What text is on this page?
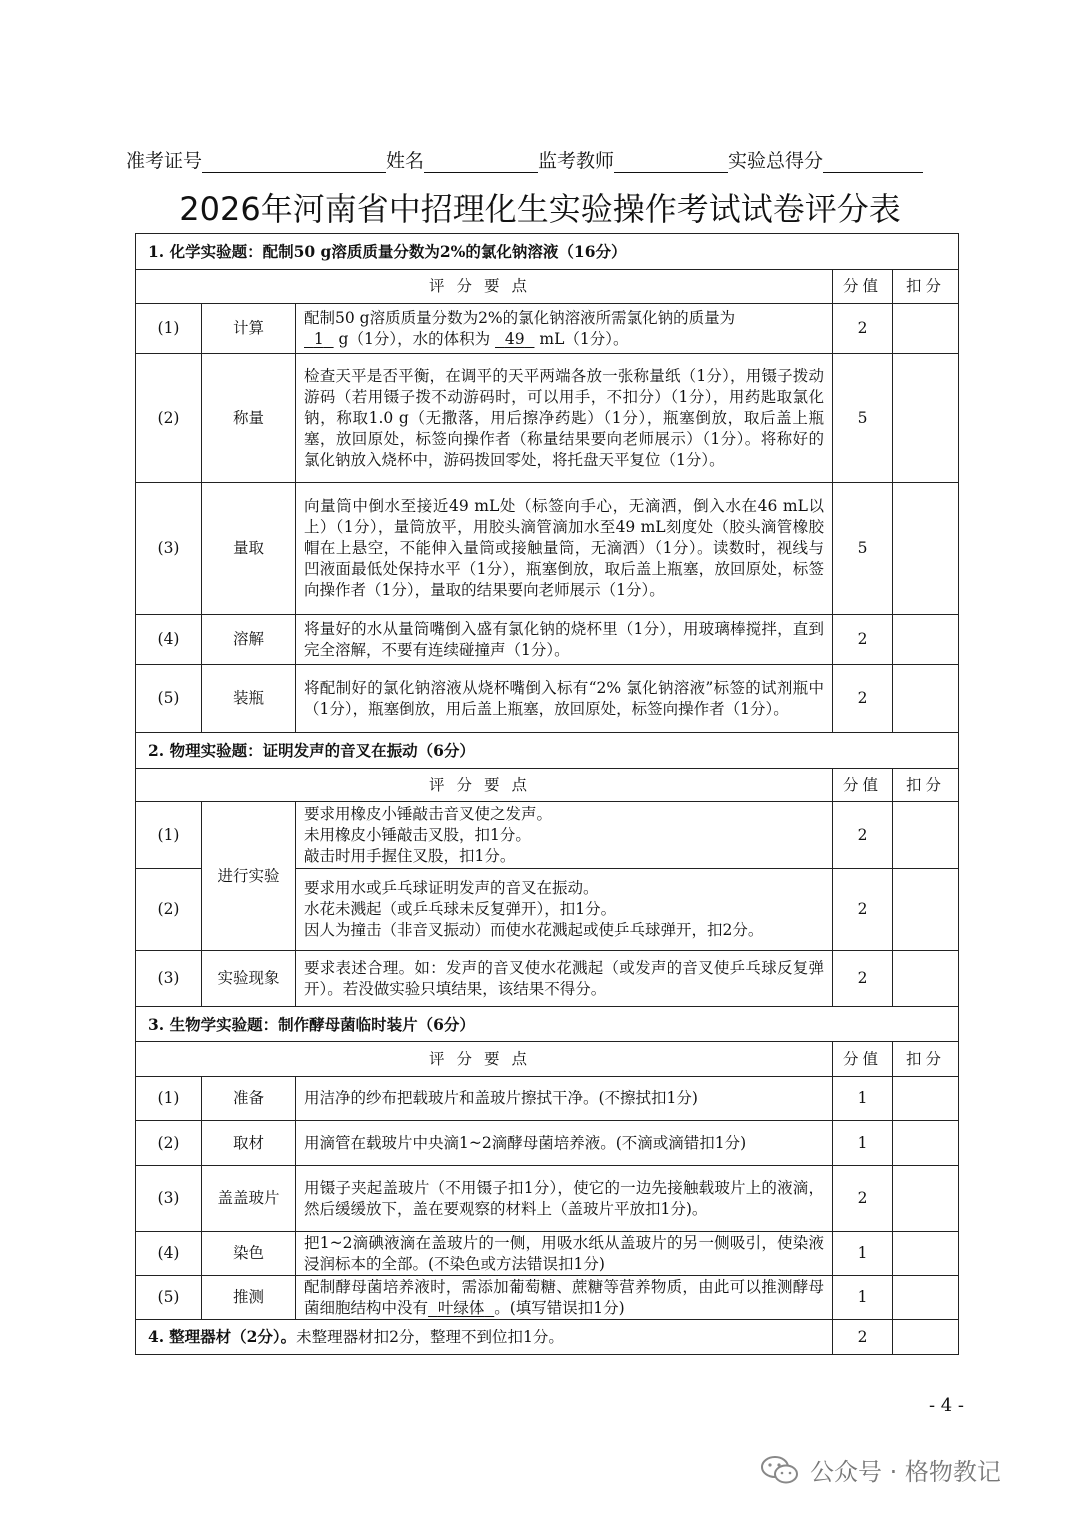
准考证号	姓名	监考教师	实验总得分
2026年河南省中招理化生实验操作考试试卷评分表
1. 化学实验题：配制50 g溶质质量分数为2%的氯化钠溶液（16分）				
评分要点			分值	扣分
(1)	计算	配制50 g溶质质量分数为2%的氯化钠溶液所需氯化钠的质量为
1 g（1分），水的体积为 49 mL（1分）。	2	
(2)	称量	检查天平是否平衡，在调平的天平两端各放一张称量纸（1分），用镊子拨动游码（若用镊子拨不动游码时，可以用手，不扣分）（1分），用药匙取氯化钠，称取1.0 g（无撒落，用后擦净药匙）（1分），瓶塞倒放，取后盖上瓶塞，放回原处，标签向操作者（称量结果要向老师展示）（1分）。将称好的氯化钠放入烧杯中，游码拨回零处，将托盘天平复位（1分）。	5	
(3)	量取	向量筒中倒水至接近49 mL处（标签向手心，无滴洒，倒入水在46 mL以上）（1分），量筒放平，用胶头滴管滴加水至49 mL刻度处（胶头滴管橡胶帽在上悬空，不能伸入量筒或接触量筒，无滴洒）（1分）。读数时，视线与凹液面最低处保持水平（1分），瓶塞倒放，取后盖上瓶塞，放回原处，标签向操作者（1分），量取的结果要向老师展示（1分）。	5	
(4)	溶解	将量好的水从量筒嘴倒入盛有氯化钠的烧杯里（1分），用玻璃棒搅拌，直到完全溶解，不要有连续碰撞声（1分）。	2	
(5)	装瓶	将配制好的氯化钠溶液从烧杯嘴倒入标有“2% 氯化钠溶液”标签的试剂瓶中（1分），瓶塞倒放，用后盖上瓶塞，放回原处，标签向操作者（1分）。	2	
2. 物理实验题：证明发声的音叉在振动（6分）				
评分要点			分值	扣分
(1)	进行实验	要求用橡皮小锤敲击音叉使之发声。
未用橡皮小锤敲击叉股，扣1分。
敲击时用手握住叉股，扣1分。	2	
(2)		要求用水或乒乓球证明发声的音叉在振动。
水花未溅起（或乒乓球未反复弹开），扣1分。
因人为撞击（非音叉振动）而使水花溅起或使乒乓球弹开，扣2分。	2	
(3)	实验现象	要求表述合理。如：发声的音叉使水花溅起（或发声的音叉使乒乓球反复弹开）。若没做实验只填结果，该结果不得分。	2	
3. 生物学实验题：制作酵母菌临时装片（6分）				
评分要点			分值	扣分
(1)	准备	用洁净的纱布把载玻片和盖玻片擦拭干净。(不擦拭扣1分)	1	
(2)	取材	用滴管在载玻片中央滴1~2滴酵母菌培养液。(不滴或滴错扣1分)	1	
(3)	盖盖玻片	用镊子夹起盖玻片（不用镊子扣1分），使它的一边先接触载玻片上的液滴，然后缓缓放下，盖在要观察的材料上（盖玻片平放扣1分)。	2	
(4)	染色	把1~2滴碘液滴在盖玻片的一侧，用吸水纸从盖玻片的另一侧吸引，使染液浸润标本的全部。(不染色或方法错误扣1分)	1	
(5)	推测	配制酵母菌培养液时，需添加葡萄糖、蔗糖等营养物质，由此可以推测酵母菌细胞结构中没有 叶绿体 。(填写错误扣1分)	1	
4. 整理器材（2分）。未整理器材扣2分，整理不到位扣1分。			2	
- 4 -
公众号 · 格物教记
